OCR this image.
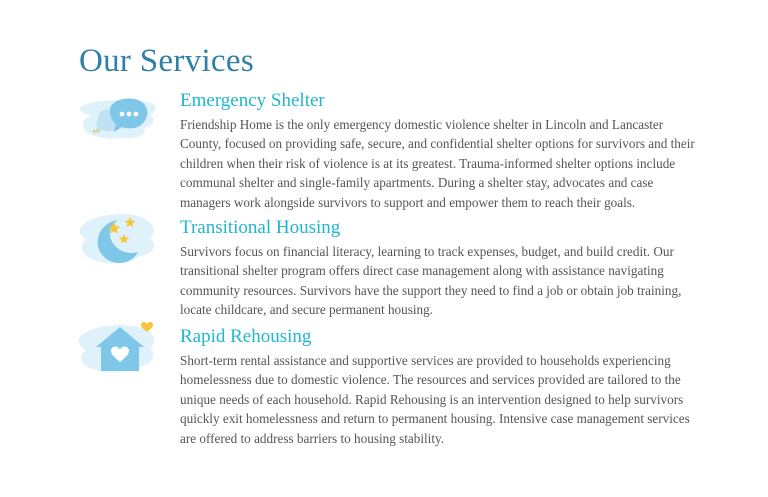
Our Services
Emergency Shelter

Friendship Home is the only emergency domestic violence shelter in Lincoln and Lancaster County, focused on providing safe, secure, and confidential shelter options for survivors and their children when their risk of violence is at its greatest. Trauma-informed shelter options include communal shelter and single-family apartments. During a shelter stay, advocates and case managers work alongside survivors to support and empower them to reach their goals.

Transitional Housing

Survivors focus on financial literacy, learning to track expenses, budget, and build credit. Our transitional shelter program offers direct case management along with assistance navigating community resources. Survivors have the support they need to find a job or obtain job training, locate childcare, and secure permanent housing.

Rapid Rehousing

Short-term rental assistance and supportive services are provided to households experiencing homelessness due to domestic violence. The resources and services provided are tailored to the unique needs of each household. Rapid Rehousing is an intervention designed to help survivors quickly exit homelessness and return to permanent housing. Intensive case management services are offered to address barriers to housing stability.
